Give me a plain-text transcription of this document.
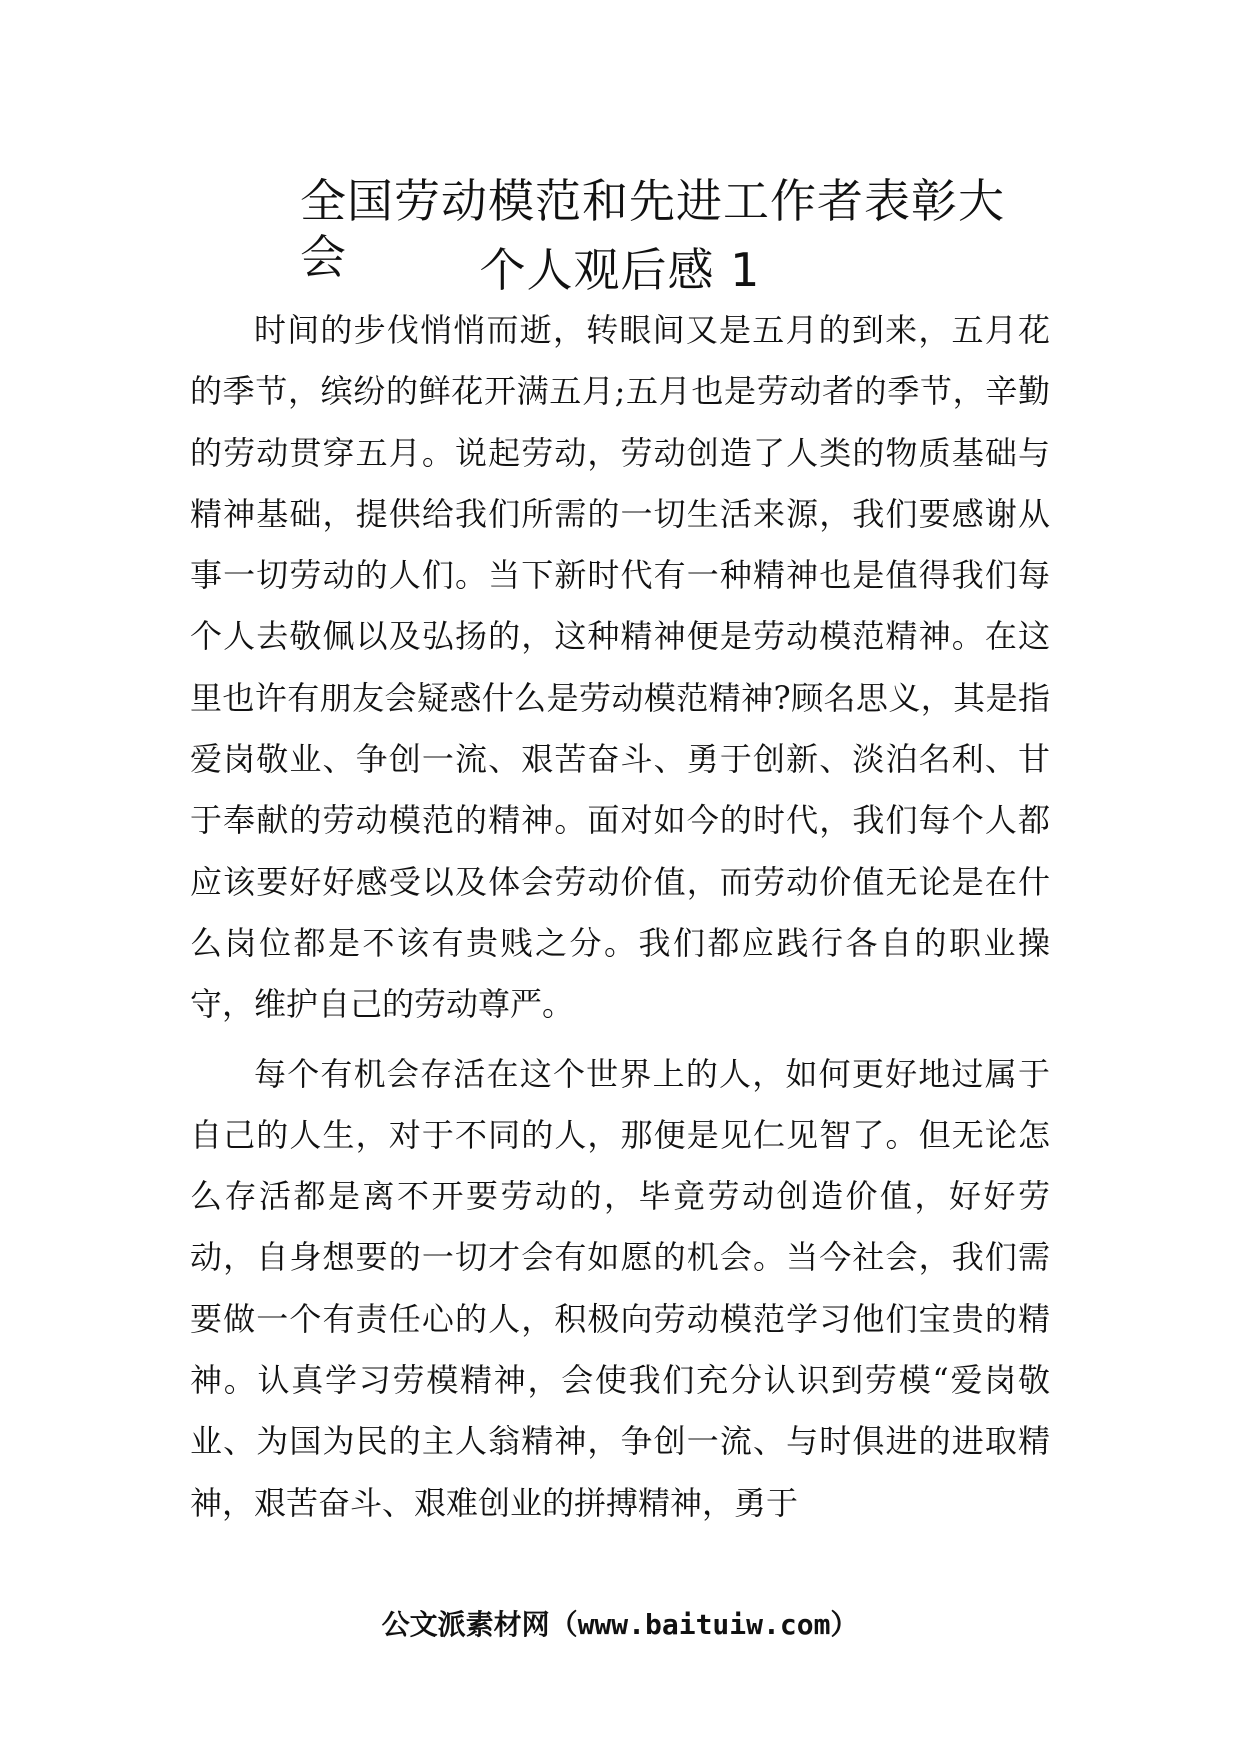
全国劳动模范和先进工作者表彰大会	个人观后感 1

时间的步伐悄悄而逝，转眼间又是五月的到来，五月花的季节，缤纷的鲜花开满五月;五月也是劳动者的季节，辛勤的劳动贯穿五月。说起劳动，劳动创造了人类的物质基础与精神基础，提供给我们所需的一切生活来源，我们要感谢从事一切劳动的人们。当下新时代有一种精神也是值得我们每个人去敬佩以及弘扬的，这种精神便是劳动模范精神。在这里也许有朋友会疑惑什么是劳动模范精神?顾名思义，其是指爱岗敬业、争创一流、艰苦奋斗、勇于创新、淡泊名利、甘于奉献的劳动模范的精神。面对如今的时代，我们每个人都应该要好好感受以及体会劳动价值，而劳动价值无论是在什么岗位都是不该有贵贱之分。我们都应践行各自的职业操守，维护自己的劳动尊严。

每个有机会存活在这个世界上的人，如何更好地过属于自己的人生，对于不同的人，那便是见仁见智了。但无论怎么存活都是离不开要劳动的，毕竟劳动创造价值，好好劳动，自身想要的一切才会有如愿的机会。当今社会，我们需要做一个有责任心的人，积极向劳动模范学习他们宝贵的精神。认真学习劳模精神，会使我们充分认识到劳模“爱岗敬业、为国为民的主人翁精神，争创一流、与时俱进的进取精神，艰苦奋斗、艰难创业的拼搏精神，勇于

公文派素材网（www.baituiw.com）
